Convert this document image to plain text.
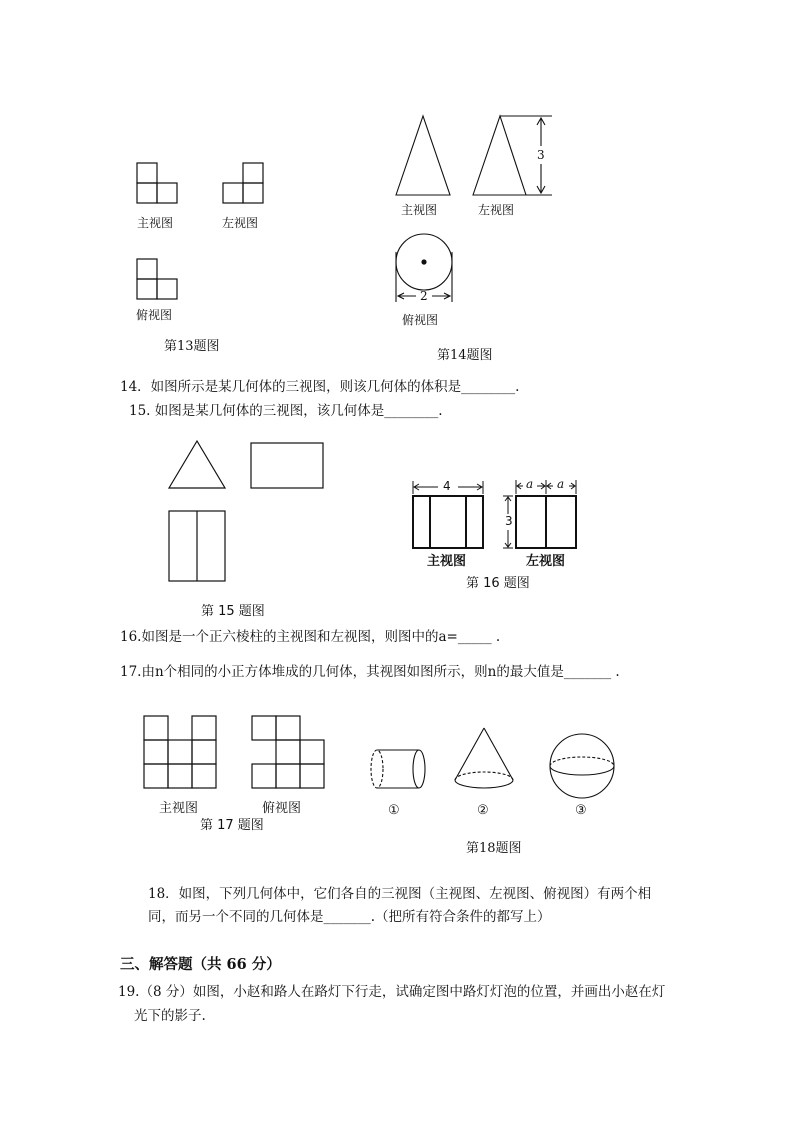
主视图	左视图
俯视图
第13题图
主视图	左视图
3
2
俯视图
第14题图
14．如图所示是某几何体的三视图，则该几何体的体积是________.
15. 如图是某几何体的三视图，该几何体是________.
第 15 题图
4	a a
3
主视图	左视图
第 16 题图
16.如图是一个正六棱柱的主视图和左视图，则图中的a=_____ .
17.由n个相同的小正方体堆成的几何体，其视图如图所示，则n的最大值是_______ .
主视图	俯视图
第 17 题图
①	②	③
第18题图
18．如图，下列几何体中，它们各自的三视图（主视图、左视图、俯视图）有两个相
同，而另一个不同的几何体是_______.（把所有符合条件的都写上）
三、解答题（共 66 分）
19.（8 分）如图，小赵和路人在路灯下行走，试确定图中路灯灯泡的位置，并画出小赵在灯
光下的影子.
